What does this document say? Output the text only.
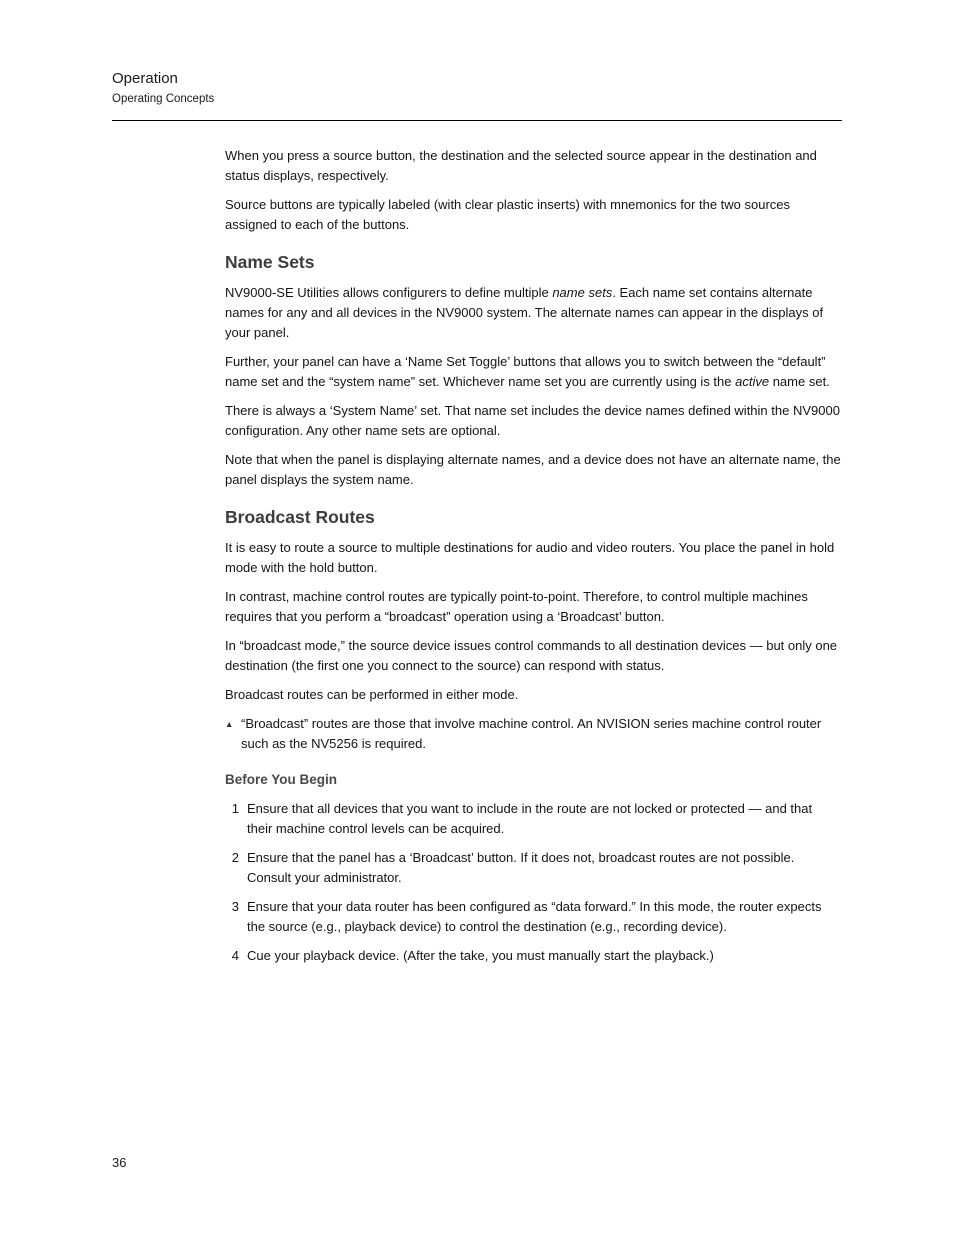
Operation
Operating Concepts

When you press a source button, the destination and the selected source appear in the destination and status displays, respectively.

Source buttons are typically labeled (with clear plastic inserts) with mnemonics for the two sources assigned to each of the buttons.

Name Sets

NV9000-SE Utilities allows configurers to define multiple name sets. Each name set contains alternate names for any and all devices in the NV9000 system. The alternate names can appear in the displays of your panel.

Further, your panel can have a ‘Name Set Toggle’ buttons that allows you to switch between the “default” name set and the “system name” set. Whichever name set you are currently using is the active name set.

There is always a ‘System Name’ set. That name set includes the device names defined within the NV9000 configuration. Any other name sets are optional.

Note that when the panel is displaying alternate names, and a device does not have an alternate name, the panel displays the system name.

Broadcast Routes

It is easy to route a source to multiple destinations for audio and video routers. You place the panel in hold mode with the hold button.

In contrast, machine control routes are typically point-to-point. Therefore, to control multiple machines requires that you perform a “broadcast” operation using a ‘Broadcast’ button.

In “broadcast mode,” the source device issues control commands to all destination devices — but only one destination (the first one you connect to the source) can respond with status.

Broadcast routes can be performed in either mode.

▲ “Broadcast” routes are those that involve machine control. An NVISION series machine control router such as the NV5256 is required.
Before You Begin
1 Ensure that all devices that you want to include in the route are not locked or protected — and that their machine control levels can be acquired.
2 Ensure that the panel has a ‘Broadcast’ button. If it does not, broadcast routes are not possible. Consult your administrator.
3 Ensure that your data router has been configured as “data forward.” In this mode, the router expects the source (e.g., playback device) to control the destination (e.g., recording device).
4 Cue your playback device. (After the take, you must manually start the playback.)
36
